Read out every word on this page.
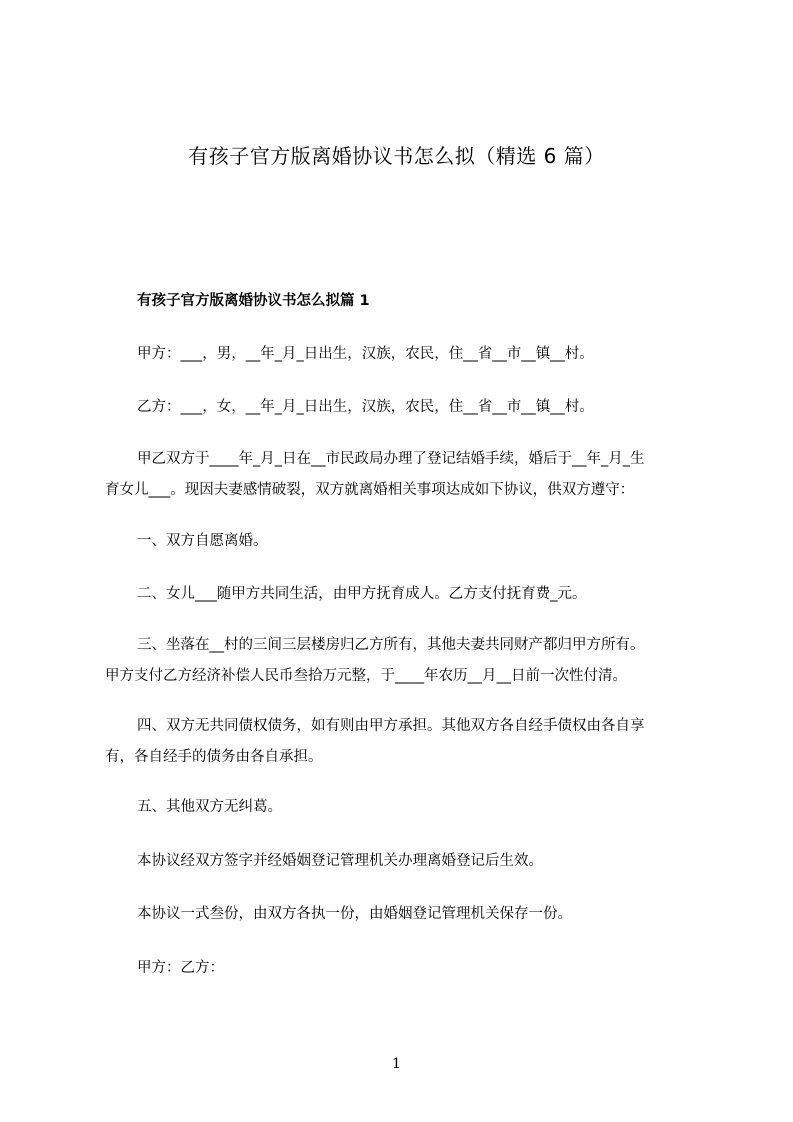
有孩子官方版离婚协议书怎么拟（精选 6 篇）
有孩子官方版离婚协议书怎么拟篇 1
甲方：___，男，__年_月_日出生，汉族，农民，住__省__市__镇__村。
乙方：___，女，__年_月_日出生，汉族，农民，住__省__市__镇__村。
甲乙双方于____年_月_日在__市民政局办理了登记结婚手续，婚后于__年_月_生
育女儿___。现因夫妻感情破裂，双方就离婚相关事项达成如下协议，供双方遵守：
一、双方自愿离婚。
二、女儿___随甲方共同生活，由甲方抚育成人。乙方支付抚育费_元。
三、坐落在__村的三间三层楼房归乙方所有，其他夫妻共同财产都归甲方所有。
甲方支付乙方经济补偿人民币叁拾万元整，于____年农历__月__日前一次性付清。
四、双方无共同债权债务，如有则由甲方承担。其他双方各自经手债权由各自享
有，各自经手的债务由各自承担。
五、其他双方无纠葛。
本协议经双方签字并经婚姻登记管理机关办理离婚登记后生效。
本协议一式叁份，由双方各执一份，由婚姻登记管理机关保存一份。
甲方：乙方：
1
